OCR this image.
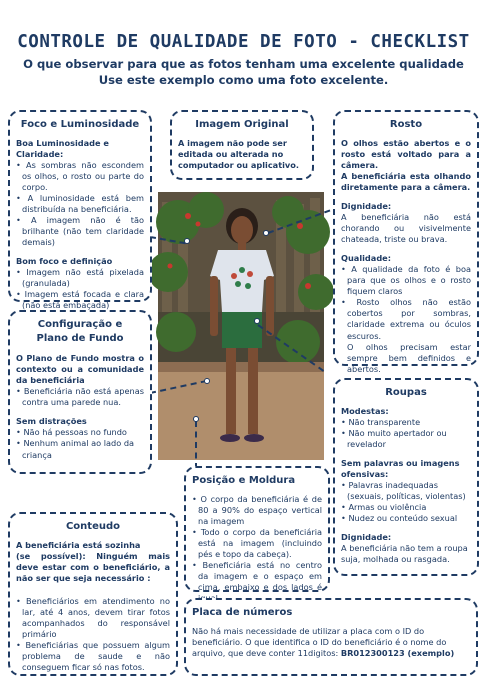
CONTROLE DE QUALIDADE DE FOTO - CHECKLIST
O que observar para que as fotos tenham uma excelente qualidade
Use este exemplo como uma foto excelente.
Foco e Luminosidade
Boa Luminosidade e Claridade:
• As sombras não escondem os olhos, o rosto ou parte do corpo.
• A luminosidade está bem distribuída na beneficiária.
• A imagem não é tão brilhante (não tem claridade demais)
Bom foco e definição
• Imagem não está pixelada (granulada)
• Imagem está focada e clara (não está embaçada)
Imagem Original

A imagem não pode ser editada ou alterada no computador ou aplicativo.

Rosto

O olhos estão abertos e o rosto está voltado para a câmera.

A beneficiária esta olhando diretamente para a câmera.

Dignidade:

A beneficiária não está chorando ou visivelmente chateada, triste ou brava.

Qualidade:
• A qualidade da foto é boa para que os olhos e o rosto fiquem claros
• Rosto olhos não estão cobertos por sombras, claridade extrema ou óculos escuros.

O olhos precisam estar sempre bem definidos e abertos.

Configuração e
Plano de Fundo

O Plano de Fundo mostra o contexto ou a comunidade da beneficiária

• Beneficiária não está apenas contra uma parede nua.
Sem distrações
• Não há pessoas no fundo
• Nenhum animal ao lado da criança
Roupas
Modestas:
• Não transparente
• Não muito apertador ou revelador
Sem palavras ou imagens ofensivas:
• Palavras inadequadas (sexuais, políticas, violentas)
• Armas ou violência
• Nudez ou conteúdo sexual
Dignidade:

A beneficiária não tem a roupa suja, molhada ou rasgada.

Posição e Moldura
• O corpo da beneficiária é de 80 a 90% do espaço vertical na imagem
• Todo o corpo da beneficiária está na imagem (incluindo pés e topo da cabeça).
• Beneficiária está no centro da imagem e o espaço em cima, embaixo e dos lados é
Conteudo
A beneficiária está sozinha

(se possível): Ninguém mais deve estar com o beneficiário, a não ser que seja necessário :

• Beneficiários em atendimento no lar, até 4 anos, devem tirar fotos acompanhados do responsável primário
• Beneficiárias que possuem algum problema de saude e não conseguem ficar só nas fotos.
Placa de números

Não há mais necessidade de utilizar a placa com o ID do beneficiário. O que identifica o ID do beneficiário é o nome do arquivo, que deve conter 11digitos: BR012300123 (exemplo)
